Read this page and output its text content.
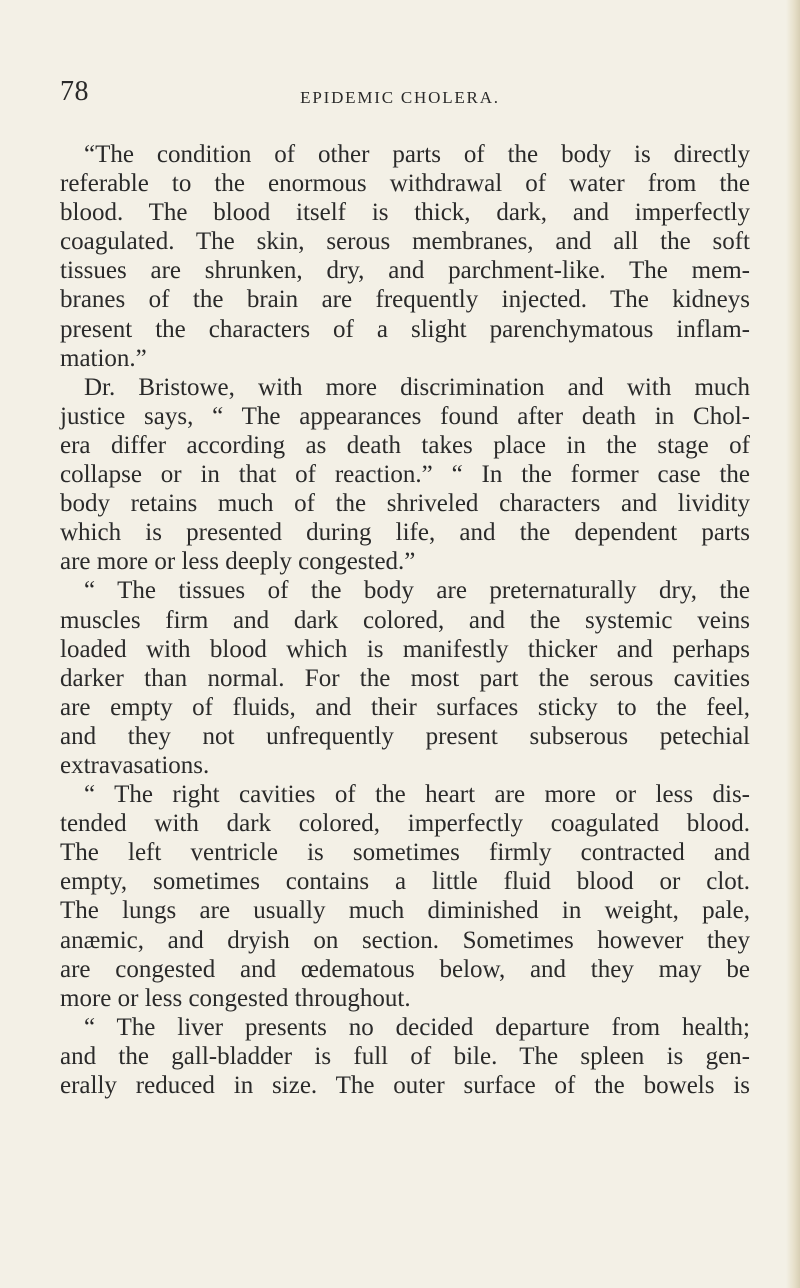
78	EPIDEMIC CHOLERA.
“The condition of other parts of the body is directly
referable to the enormous withdrawal of water from the
blood. The blood itself is thick, dark, and imperfectly
coagulated. The skin, serous membranes, and all the soft
tissues are shrunken, dry, and parchment-like. The mem-
branes of the brain are frequently injected. The kidneys
present the characters of a slight parenchymatous inflam-
mation.”
Dr. Bristowe, with more discrimination and with much
justice says, “ The appearances found after death in Chol-
era differ according as death takes place in the stage of
collapse or in that of reaction.” “ In the former case the
body retains much of the shriveled characters and lividity
which is presented during life, and the dependent parts
are more or less deeply congested.”
“ The tissues of the body are preternaturally dry, the
muscles firm and dark colored, and the systemic veins
loaded with blood which is manifestly thicker and perhaps
darker than normal. For the most part the serous cavities
are empty of fluids, and their surfaces sticky to the feel,
and they not unfrequently present subserous petechial
extravasations.
“ The right cavities of the heart are more or less dis-
tended with dark colored, imperfectly coagulated blood.
The left ventricle is sometimes firmly contracted and
empty, sometimes contains a little fluid blood or clot.
The lungs are usually much diminished in weight, pale,
anæmic, and dryish on section. Sometimes however they
are congested and œdematous below, and they may be
more or less congested throughout.
“ The liver presents no decided departure from health;
and the gall-bladder is full of bile. The spleen is gen-
erally reduced in size. The outer surface of the bowels is
